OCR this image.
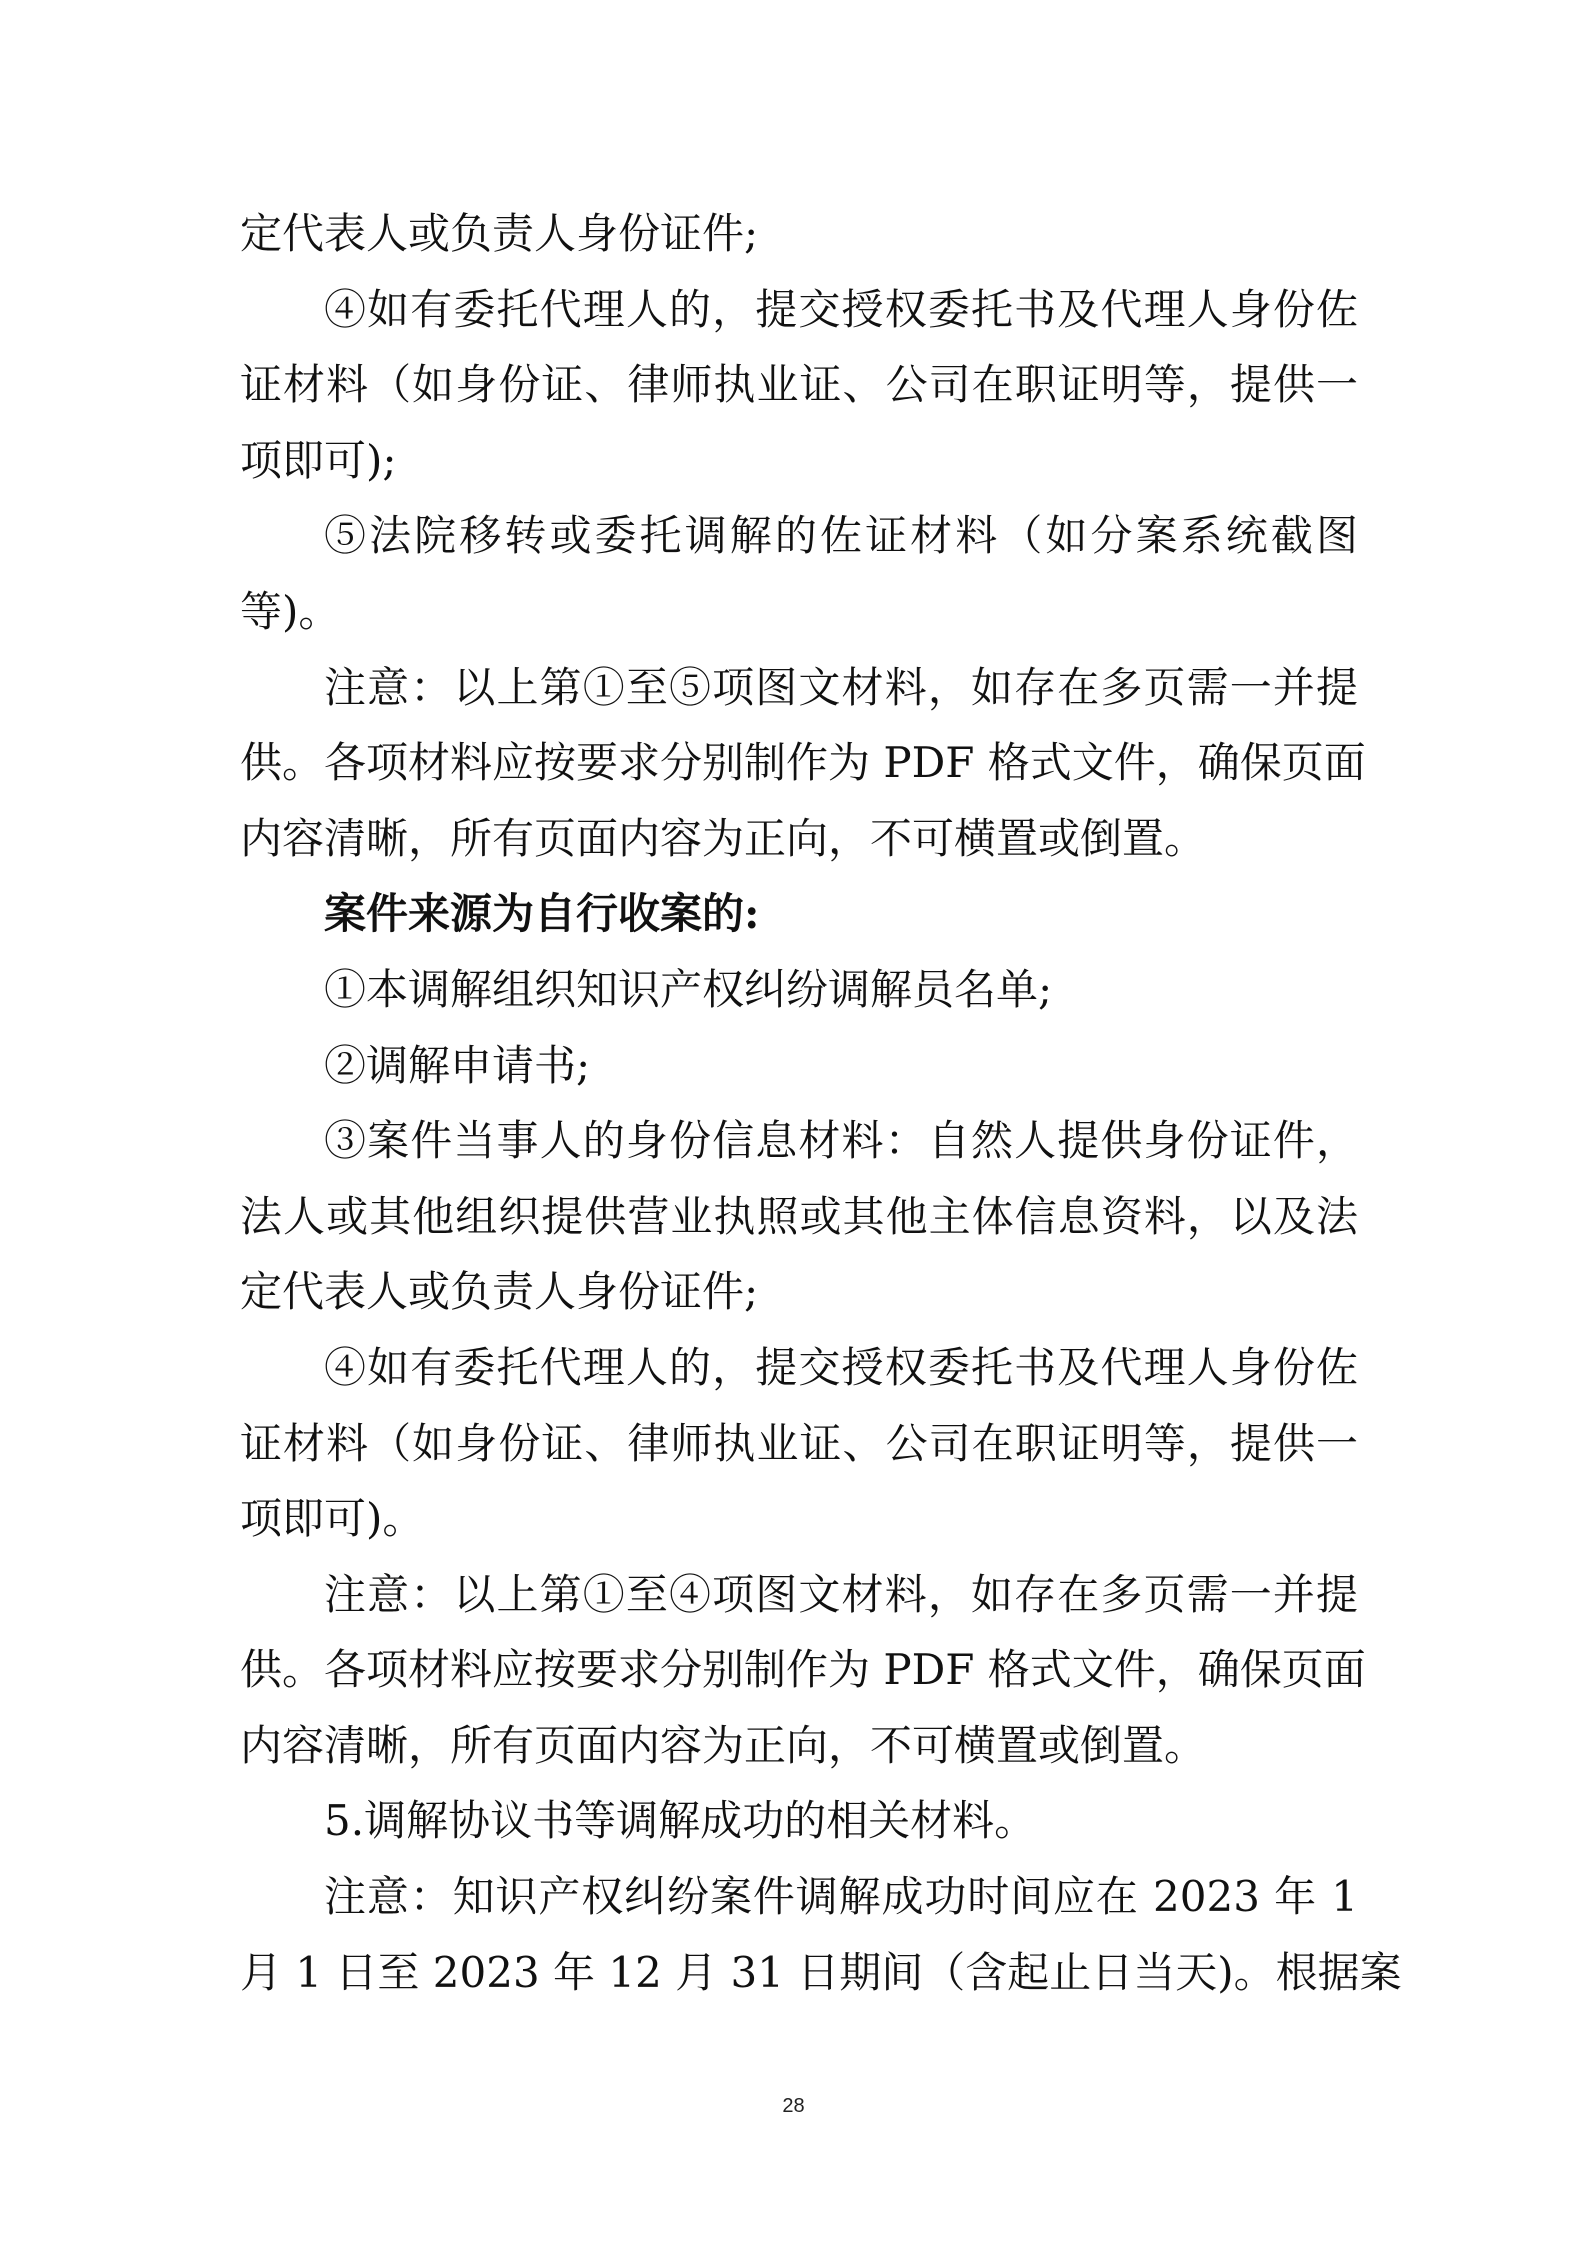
定代表人或负责人身份证件;
④如有委托代理人的，提交授权委托书及代理人身份佐
证材料（如身份证、律师执业证、公司在职证明等，提供一
项即可);
⑤法院移转或委托调解的佐证材料（如分案系统截图
等)。
注意：以上第①至⑤项图文材料，如存在多页需一并提
供。各项材料应按要求分别制作为 PDF 格式文件，确保页面
内容清晰，所有页面内容为正向，不可横置或倒置。
案件来源为自行收案的:
①本调解组织知识产权纠纷调解员名单;
②调解申请书;
③案件当事人的身份信息材料：自然人提供身份证件，
法人或其他组织提供营业执照或其他主体信息资料，以及法
定代表人或负责人身份证件;
④如有委托代理人的，提交授权委托书及代理人身份佐
证材料（如身份证、律师执业证、公司在职证明等，提供一
项即可)。
注意：以上第①至④项图文材料，如存在多页需一并提
供。各项材料应按要求分别制作为 PDF 格式文件，确保页面
内容清晰，所有页面内容为正向，不可横置或倒置。
5.调解协议书等调解成功的相关材料。
注意：知识产权纠纷案件调解成功时间应在 2023 年 1
月 1 日至 2023 年 12 月 31 日期间（含起止日当天)。根据案
28
